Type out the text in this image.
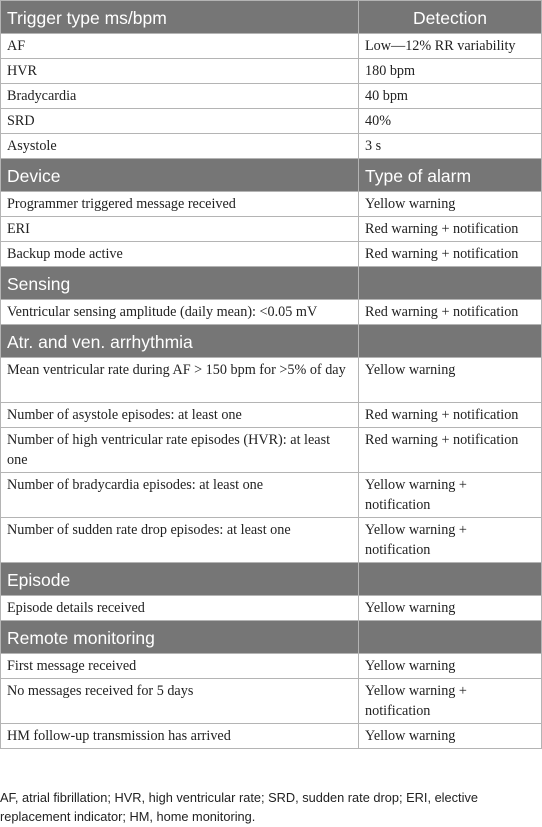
Trigger type ms/bpm	Detection
AF	Low—12% RR variability
HVR	180 bpm
Bradycardia	40 bpm
SRD	40%
Asystole	3 s
Device	Type of alarm
Programmer triggered message received	Yellow warning
ERI	Red warning + notification
Backup mode active	Red warning + notification
Sensing	
Ventricular sensing amplitude (daily mean): <0.05 mV	Red warning + notification
Atr. and ven. arrhythmia	
Mean ventricular rate during AF > 150 bpm for >5% of day	Yellow warning
Number of asystole episodes: at least one	Red warning + notification
Number of high ventricular rate episodes (HVR): at least one	Red warning + notification
Number of bradycardia episodes: at least one	Yellow warning + notification
Number of sudden rate drop episodes: at least one	Yellow warning + notification
Episode	
Episode details received	Yellow warning
Remote monitoring	
First message received	Yellow warning
No messages received for 5 days	Yellow warning + notification
HM follow-up transmission has arrived	Yellow warning
AF, atrial fibrillation; HVR, high ventricular rate; SRD, sudden rate drop; ERI, elective replacement indicator; HM, home monitoring.
